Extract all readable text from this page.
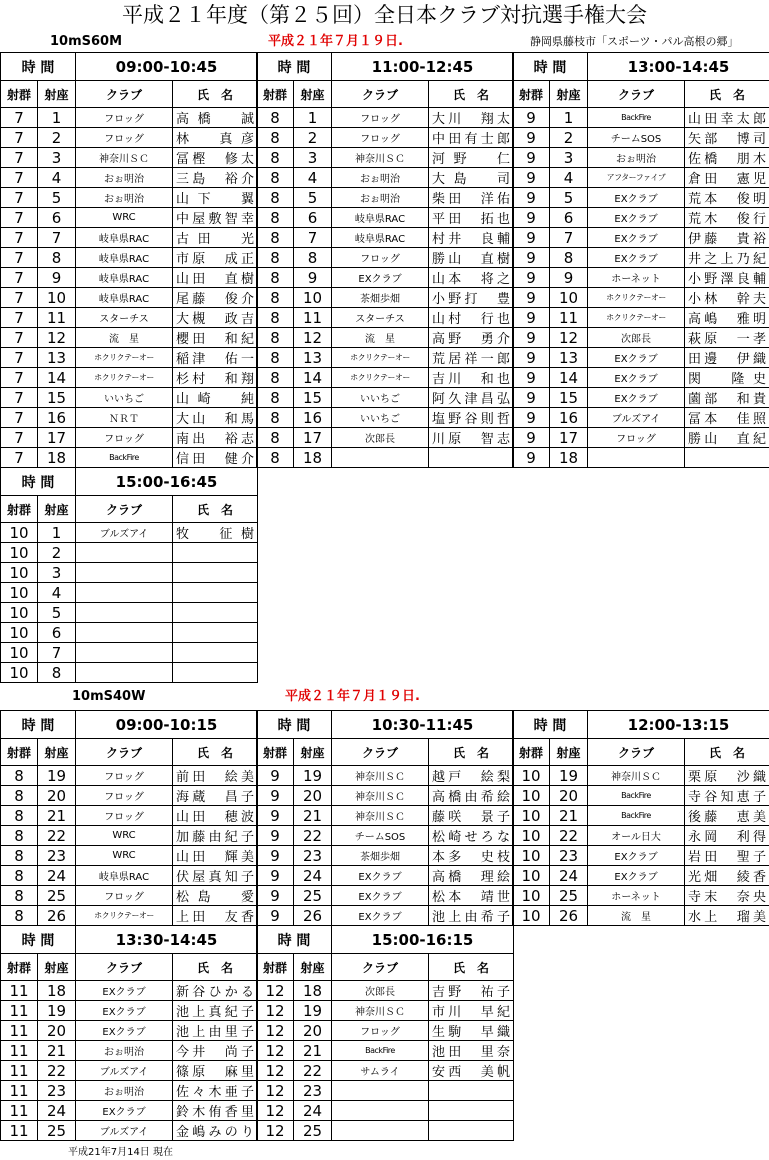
平成２１年度（第２５回）全日本クラブ対抗選手権大会
10mS60M	平成２１年７月１９日.	静岡県藤枝市「スポーツ・パル高根の郷」
時 間		09:00-10:45	
射群	射座	クラブ	氏　名
7	1	フロッグ	高橋　誠
7	2	フロッグ	林　真彦
7	3	神奈川ＳＣ	冨樫　修太
7	4	おぉ明治	三島　裕介
7	5	おぉ明治	山下　翼
7	6	WRC	中屋敷智幸
7	7	岐阜県RAC	古田　光
7	8	岐阜県RAC	市原　成正
7	9	岐阜県RAC	山田　直樹
7	10	岐阜県RAC	尾藤　俊介
7	11	スターチス	大槻　政吉
7	12	流　星	櫻田　和紀
7	13	ホクリクテーオー	稲津　佑一
7	14	ホクリクテーオー	杉村　和翔
7	15	いいちご	山崎　純
7	16	ＮＲＴ	大山　和馬
7	17	フロッグ	南出　裕志
7	18	BackFire	信田　健介
時 間		11:00-12:45	
射群	射座	クラブ	氏　名
8	1	フロッグ	大川　翔太
8	2	フロッグ	中田有士郎
8	3	神奈川ＳＣ	河野　仁
8	4	おぉ明治	大島　司
8	5	おぉ明治	柴田　洋佑
8	6	岐阜県RAC	平田　拓也
8	7	岐阜県RAC	村井　良輔
8	8	フロッグ	勝山　直樹
8	9	EXクラブ	山本　将之
8	10	茶畑歩畑	小野打　豊
8	11	スターチス	山村　行也
8	12	流　星	高野　勇介
8	13	ホクリクテーオー	荒居祥一郎
8	14	ホクリクテーオー	吉川　和也
8	15	いいちご	阿久津昌弘
8	16	いいちご	塩野谷則哲
8	17	次郎長	川原　智志
8	18		
時 間		13:00-14:45	
射群	射座	クラブ	氏　名
9	1	BackFire	山田幸太郎
9	2	チームSOS	矢部　博司
9	3	おぉ明治	佐橋　朋木
9	4	アフターファイブ	倉田　憲児
9	5	EXクラブ	荒本　俊明
9	6	EXクラブ	荒木　俊行
9	7	EXクラブ	伊藤　貴裕
9	8	EXクラブ	井之上乃紀
9	9	ホーネット	小野澤良輔
9	10	ホクリクテーオー	小林　幹夫
9	11	ホクリクテーオー	高嶋　雅明
9	12	次郎長	萩原　一孝
9	13	EXクラブ	田邊　伊織
9	14	EXクラブ	関　隆史
9	15	EXクラブ	薗部　和貴
9	16	ブルズアイ	冨本　佳照
9	17	フロッグ	勝山　直紀
9	18		
時 間		15:00-16:45	
射群	射座	クラブ	氏　名
10	1	ブルズアイ	牧　征樹
10	2		
10	3		
10	4		
10	5		
10	6		
10	7		
10	8		
10mS40W	平成２１年７月１９日.
時 間		09:00-10:15	
射群	射座	クラブ	氏　名
8	19	フロッグ	前田　絵美
8	20	フロッグ	海蔵　昌子
8	21	フロッグ	山田　穂波
8	22	WRC	加藤由紀子
8	23	WRC	山田　輝美
8	24	岐阜県RAC	伏屋真知子
8	25	フロッグ	松島　愛
8	26	ホクリクテーオー	上田　友香
時 間		10:30-11:45	
射群	射座	クラブ	氏　名
9	19	神奈川ＳＣ	越戸　絵梨
9	20	神奈川ＳＣ	高橋由希絵
9	21	神奈川ＳＣ	藤咲　景子
9	22	チームSOS	松崎せろな
9	23	茶畑歩畑	本多　史枝
9	24	EXクラブ	高橋　理絵
9	25	EXクラブ	松本　靖世
9	26	EXクラブ	池上由希子
時 間		12:00-13:15	
射群	射座	クラブ	氏　名
10	19	神奈川ＳＣ	栗原　沙織
10	20	BackFire	寺谷知恵子
10	21	BackFire	後藤　恵美
10	22	オール日大	永岡　利得
10	23	EXクラブ	岩田　聖子
10	24	EXクラブ	光畑　綾香
10	25	ホーネット	寺末　奈央
10	26	流　星	水上　瑠美
時 間		13:30-14:45	
射群	射座	クラブ	氏　名
11	18	EXクラブ	新谷ひかる
11	19	EXクラブ	池上真紀子
11	20	EXクラブ	池上由里子
11	21	おぉ明治	今井　尚子
11	22	ブルズアイ	篠原　麻里
11	23	おぉ明治	佐々木亜子
11	24	EXクラブ	鈴木侑香里
11	25	ブルズアイ	金嶋みのり
時 間		15:00-16:15	
射群	射座	クラブ	氏　名
12	18	次郎長	吉野　祐子
12	19	神奈川ＳＣ	市川　早紀
12	20	フロッグ	生駒　早織
12	21	BackFire	池田　里奈
12	22	サムライ	安西　美帆
12	23		
12	24		
12	25		
平成21年7月14日 現在
